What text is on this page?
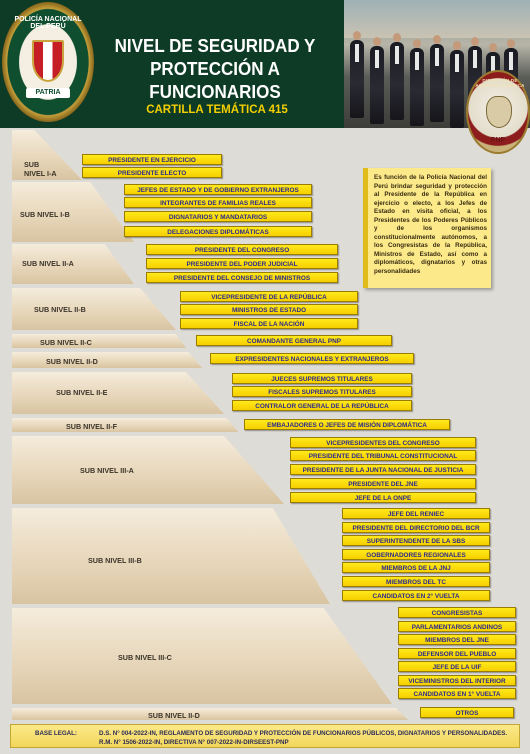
POLICÍA NACIONAL DEL PERÚ
PATRIA
NIVEL DE SEGURIDAD Y
PROTECCIÓN A FUNCIONARIOS
CARTILLA TEMÁTICA 415
DIRECCIÓN DE ASESORÍA JURÍDICA
PNP
SUB
NIVEL I-A
PRESIDENTE EN EJERCICIO
PRESIDENTE ELECTO
SUB NIVEL I-B
JEFES DE ESTADO Y DE GOBIERNO EXTRANJEROS
INTEGRANTES DE FAMILIAS REALES
DIGNATARIOS Y MANDATARIOS
DELEGACIONES DIPLOMÁTICAS
SUB NIVEL II-A
PRESIDENTE DEL CONGRESO
PRESIDENTE DEL PODER JUDICIAL
PRESIDENTE DEL CONSEJO DE MINISTROS
SUB NIVEL II-B
VICEPRESIDENTE DE LA REPÚBLICA
MINISTROS DE ESTADO
FISCAL DE LA NACIÓN
SUB NIVEL II-C	COMANDANTE GENERAL PNP
SUB NIVEL II-D	EXPRESIDENTES NACIONALES Y EXTRANJEROS
SUB NIVEL II-E
JUECES SUPREMOS TITULARES
FISCALES SUPREMOS TITULARES
CONTRALOR GENERAL DE LA REPÚBLICA
SUB NIVEL II-F	EMBAJADORES O JEFES DE MISIÓN DIPLOMÁTICA
SUB NIVEL III-A
VICEPRESIDENTES DEL CONGRESO
PRESIDENTE DEL TRIBUNAL CONSTITUCIONAL
PRESIDENTE DE LA JUNTA NACIONAL DE JUSTICIA
PRESIDENTE DEL JNE
JEFE DE LA ONPE
SUB NIVEL III-B
JEFE DEL RENIEC
PRESIDENTE DEL DIRECTORIO DEL BCR
SUPERINTENDENTE DE LA SBS
GOBERNADORES REGIONALES
MIEMBROS DE LA JNJ
MIEMBROS DEL TC
CANDIDATOS EN 2° VUELTA
SUB NIVEL III-C
CONGRESISTAS
PARLAMENTARIOS ANDINOS
MIEMBROS DEL JNE
DEFENSOR DEL PUEBLO
JEFE DE LA UIF
VICEMINISTROS DEL INTERIOR
CANDIDATOS EN 1° VUELTA
SUB NIVEL II-D	OTROS
Es función de la Policía Nacional del Perú brindar seguridad y protección al Presidente de la República en ejercicio o electo, a los Jefes de Estado en visita oficial, a los Presidentes de los Poderes Públicos y de los organismos constitucionalmente autónomos, a los Congresistas de la República, Ministros de Estado, así como a diplomáticos, dignatarios y otras personalidades
BASE LEGAL:	D.S. N° 004-2022-IN, REGLAMENTO DE SEGURIDAD Y PROTECCIÓN DE FUNCIONARIOS PÚBLICOS, DIGNATARIOS Y PERSONALIDADES.
R.M. N° 1506-2022-IN, DIRECTIVA N° 007-2022-IN-DIRSEEST-PNP
